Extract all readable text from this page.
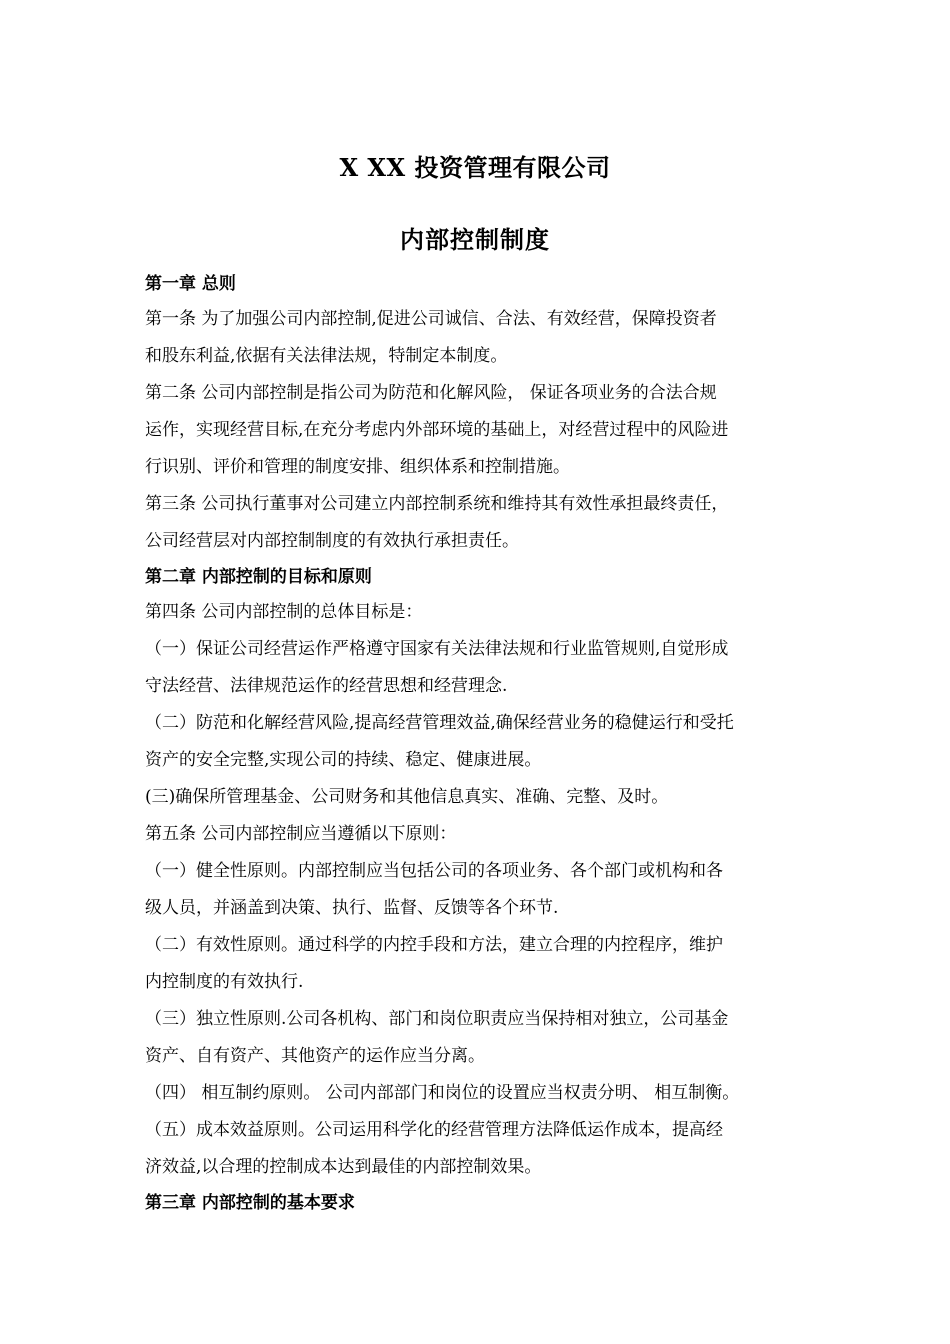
X XX 投资管理有限公司
内部控制制度
第一章 总则
第一条 为了加强公司内部控制,促进公司诚信、合法、有效经营，保障投资者
和股东利益,依据有关法律法规，特制定本制度。
第二条 公司内部控制是指公司为防范和化解风险， 保证各项业务的合法合规
运作，实现经营目标,在充分考虑内外部环境的基础上，对经营过程中的风险进
行识别、评价和管理的制度安排、组织体系和控制措施。
第三条 公司执行董事对公司建立内部控制系统和维持其有效性承担最终责任，
公司经营层对内部控制制度的有效执行承担责任。
第二章 内部控制的目标和原则
第四条 公司内部控制的总体目标是：
（一）保证公司经营运作严格遵守国家有关法律法规和行业监管规则,自觉形成
守法经营、法律规范运作的经营思想和经营理念.
（二）防范和化解经营风险,提高经营管理效益,确保经营业务的稳健运行和受托
资产的安全完整,实现公司的持续、稳定、健康进展。
(三)确保所管理基金、公司财务和其他信息真实、准确、完整、及时。
第五条 公司内部控制应当遵循以下原则：
（一）健全性原则。内部控制应当包括公司的各项业务、各个部门或机构和各
级人员，并涵盖到决策、执行、监督、反馈等各个环节.
（二）有效性原则。通过科学的内控手段和方法，建立合理的内控程序，维护
内控制度的有效执行.
（三）独立性原则.公司各机构、部门和岗位职责应当保持相对独立，公司基金
资产、自有资产、其他资产的运作应当分离。
（四） 相互制约原则。 公司内部部门和岗位的设置应当权责分明、 相互制衡。
（五）成本效益原则。公司运用科学化的经营管理方法降低运作成本，提高经
济效益,以合理的控制成本达到最佳的内部控制效果。
第三章 内部控制的基本要求
